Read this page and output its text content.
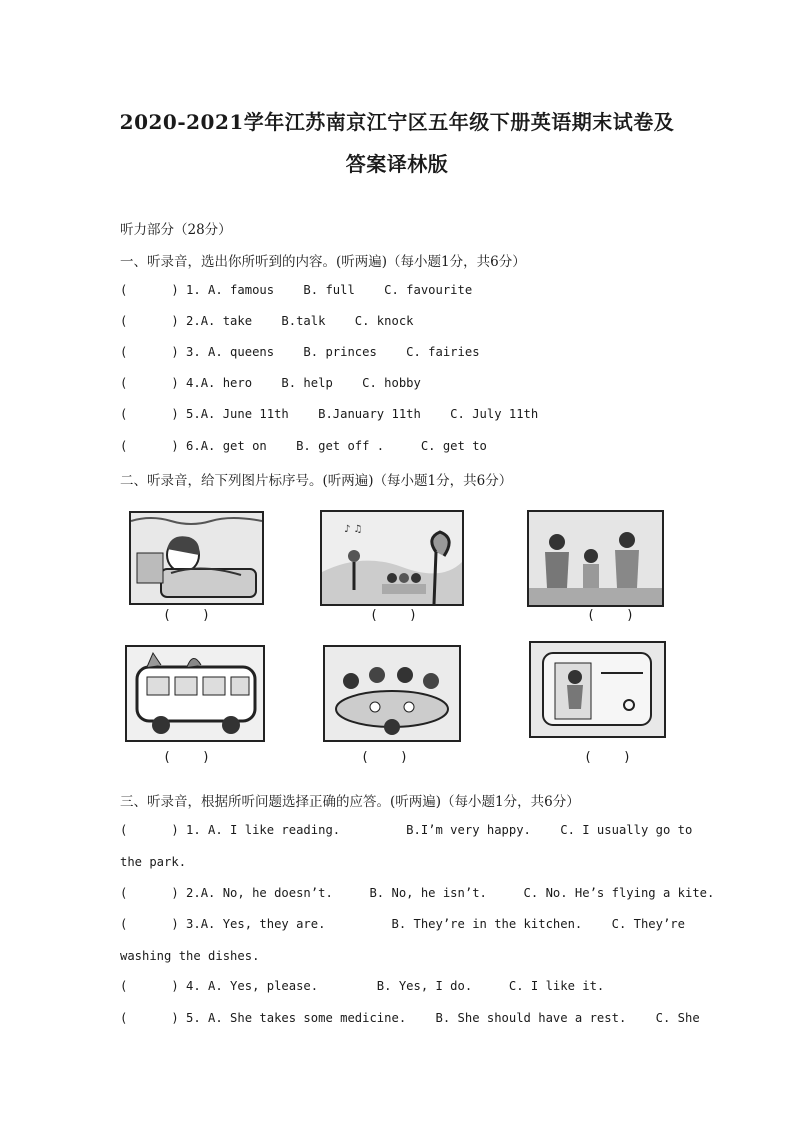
2020-2021学年江苏南京江宁区五年级下册英语期末试卷及
答案译林版
听力部分（28分）
一、听录音，选出你所听到的内容。(听两遍)（每小题1分，共6分）
(      ) 1. A. famous    B. full    C. favourite
(      ) 2.A. take    B.talk    C. knock
(      ) 3. A. queens    B. princes    C. fairies
(      ) 4.A. hero    B. help    C. hobby
(      ) 5.A. June 11th    B.January 11th    C. July 11th
(      ) 6.A. get on    B. get off .     C. get to
二、听录音，给下列图片标序号。(听两遍)（每小题1分，共6分）
(    )
♪ ♫
(    )
(    )	(    )	(    )
(    )
三、听录音，根据所听问题选择正确的应答。(听两遍)（每小题1分，共6分）
(      ) 1. A. I like reading.         B.I’m very happy.    C. I usually go to
the park.
(      ) 2.A. No, he doesn’t.     B. No, he isn’t.     C. No. He’s flying a kite.
(      ) 3.A. Yes, they are.         B. They’re in the kitchen.    C. They’re
washing the dishes.
(      ) 4. A. Yes, please.        B. Yes, I do.     C. I like it.
(      ) 5. A. She takes some medicine.    B. She should have a rest.    C. She
